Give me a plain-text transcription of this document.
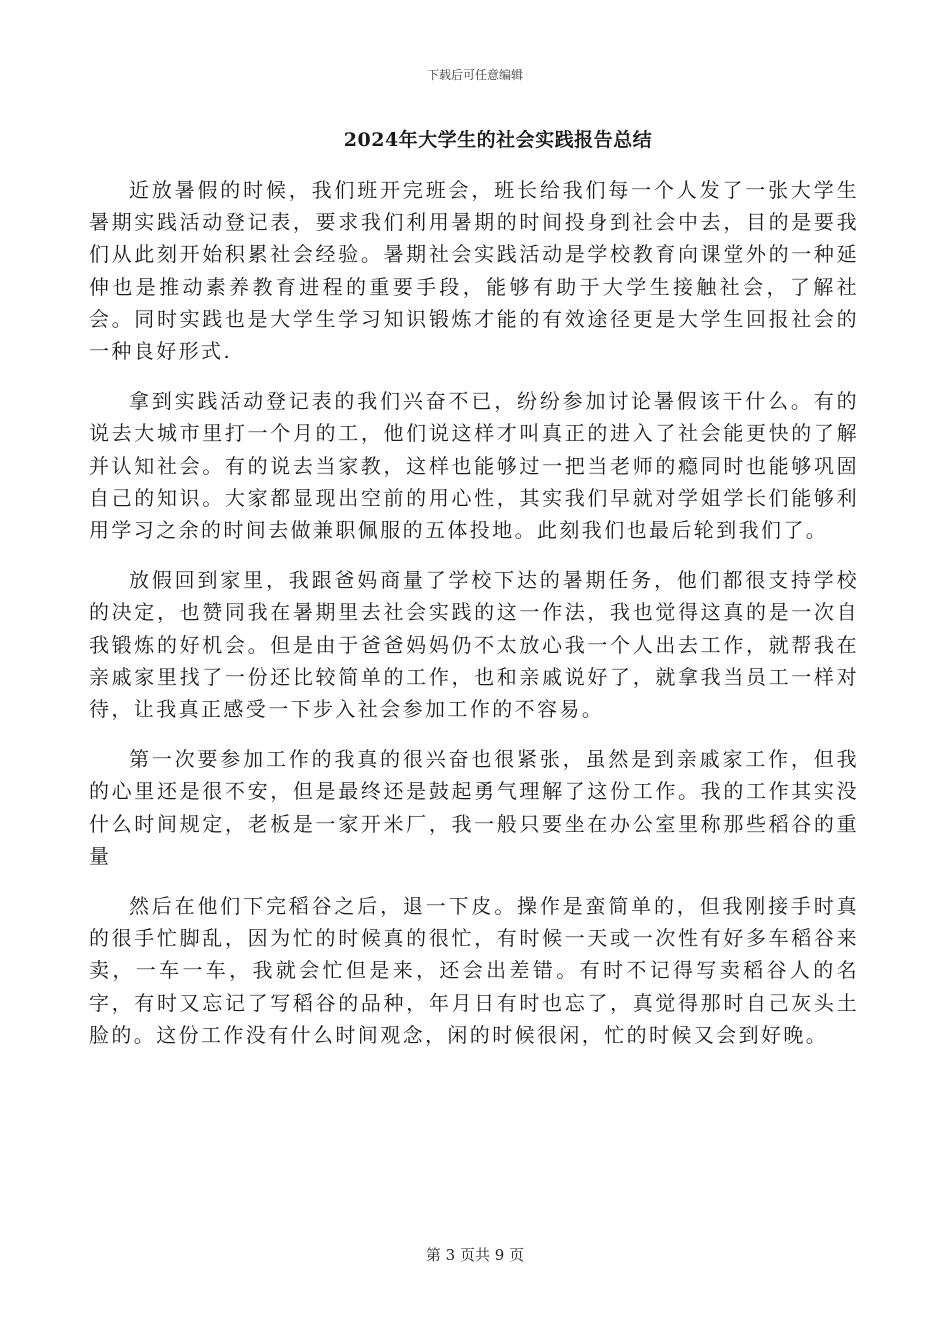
下载后可任意编辑
2024年大学生的社会实践报告总结

近放暑假的时候，我们班开完班会，班长给我们每一个人发了一张大学生暑期实践活动登记表，要求我们利用暑期的时间投身到社会中去，目的是要我们从此刻开始积累社会经验。暑期社会实践活动是学校教育向课堂外的一种延伸也是推动素养教育进程的重要手段，能够有助于大学生接触社会，了解社会。同时实践也是大学生学习知识锻炼才能的有效途径更是大学生回报社会的一种良好形式.

拿到实践活动登记表的我们兴奋不已，纷纷参加讨论暑假该干什么。有的说去大城市里打一个月的工，他们说这样才叫真正的进入了社会能更快的了解并认知社会。有的说去当家教，这样也能够过一把当老师的瘾同时也能够巩固自己的知识。大家都显现出空前的用心性，其实我们早就对学姐学长们能够利用学习之余的时间去做兼职佩服的五体投地。此刻我们也最后轮到我们了。

放假回到家里，我跟爸妈商量了学校下达的暑期任务，他们都很支持学校的决定，也赞同我在暑期里去社会实践的这一作法，我也觉得这真的是一次自我锻炼的好机会。但是由于爸爸妈妈仍不太放心我一个人出去工作，就帮我在亲戚家里找了一份还比较简单的工作，也和亲戚说好了，就拿我当员工一样对待，让我真正感受一下步入社会参加工作的不容易。

第一次要参加工作的我真的很兴奋也很紧张，虽然是到亲戚家工作，但我的心里还是很不安，但是最终还是鼓起勇气理解了这份工作。我的工作其实没什么时间规定，老板是一家开米厂，我一般只要坐在办公室里称那些稻谷的重量

然后在他们下完稻谷之后，退一下皮。操作是蛮简单的，但我刚接手时真的很手忙脚乱，因为忙的时候真的很忙，有时候一天或一次性有好多车稻谷来卖，一车一车，我就会忙但是来，还会出差错。有时不记得写卖稻谷人的名字，有时又忘记了写稻谷的品种，年月日有时也忘了，真觉得那时自己灰头土脸的。这份工作没有什么时间观念，闲的时候很闲，忙的时候又会到好晚。

第 3 页共 9 页
